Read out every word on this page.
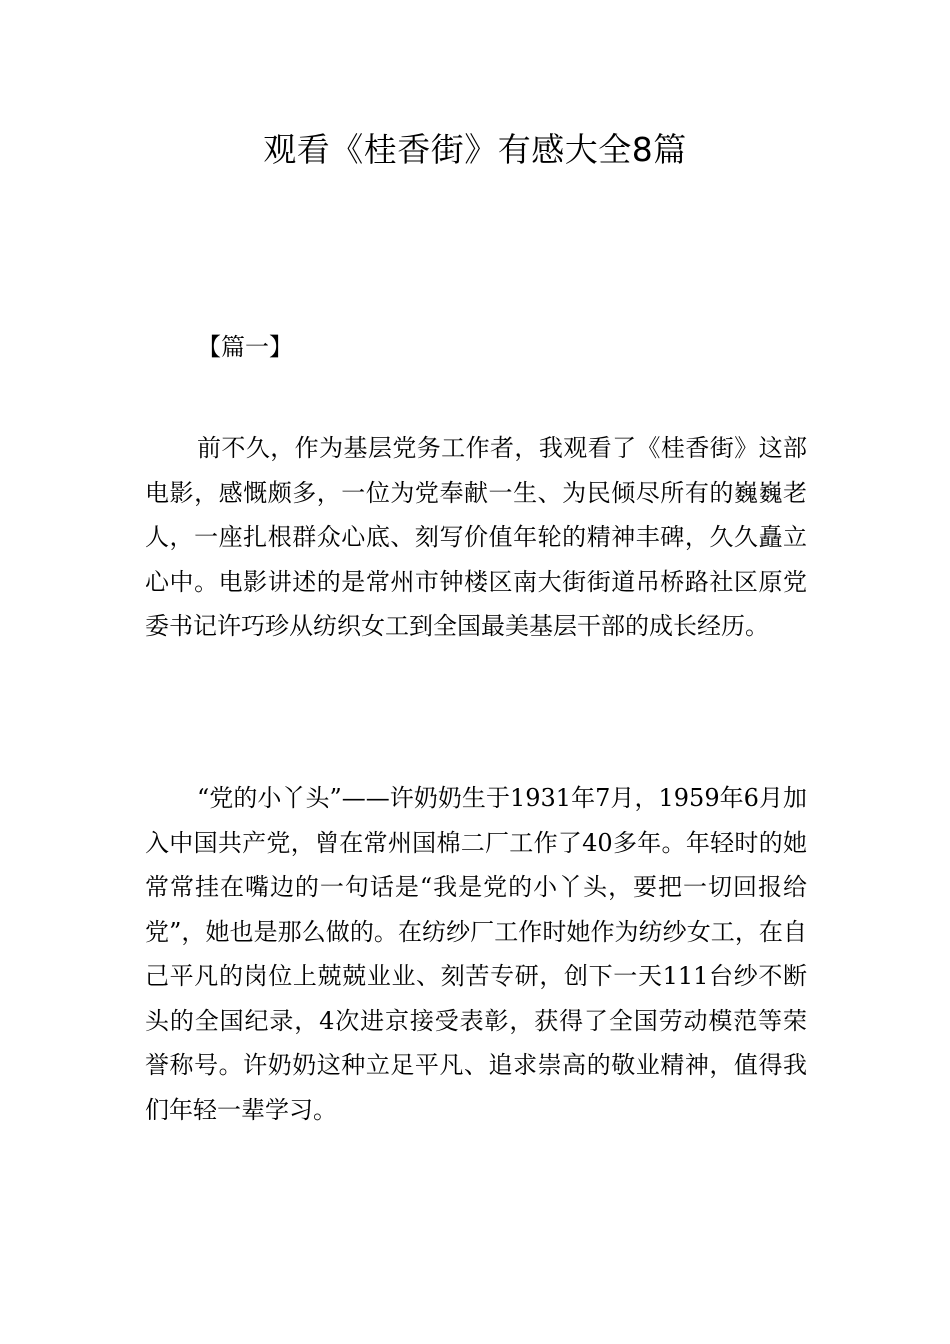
观看《桂香街》有感大全8篇

【篇一】

前不久，作为基层党务工作者，我观看了《桂香街》这部电影，感慨颇多，一位为党奉献一生、为民倾尽所有的巍巍老人，一座扎根群众心底、刻写价值年轮的精神丰碑，久久矗立心中。电影讲述的是常州市钟楼区南大街街道吊桥路社区原党委书记许巧珍从纺织女工到全国最美基层干部的成长经历。

“党的小丫头”——许奶奶生于1931年7月，1959年6月加入中国共产党，曾在常州国棉二厂工作了40多年。年轻时的她常常挂在嘴边的一句话是“我是党的小丫头，要把一切回报给党”，她也是那么做的。在纺纱厂工作时她作为纺纱女工，在自己平凡的岗位上兢兢业业、刻苦专研，创下一天111台纱不断头的全国纪录，4次进京接受表彰，获得了全国劳动模范等荣誉称号。许奶奶这种立足平凡、追求崇高的敬业精神，值得我们年轻一辈学习。
